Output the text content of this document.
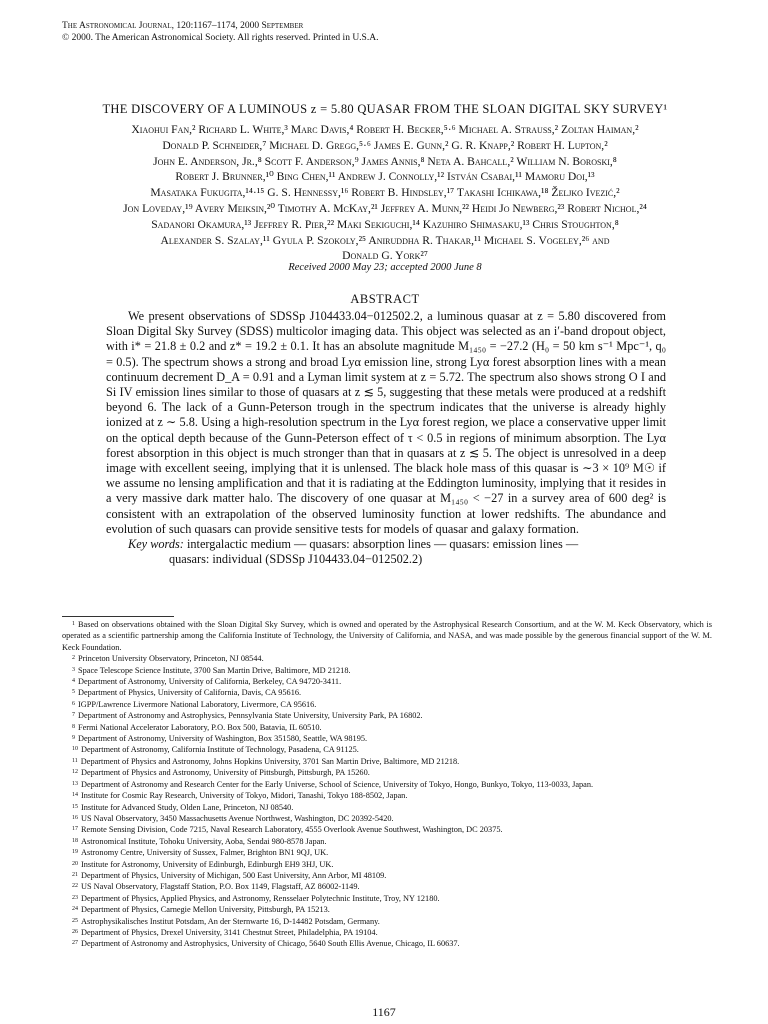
The Astronomical Journal, 120:1167–1174, 2000 September
© 2000. The American Astronomical Society. All rights reserved. Printed in U.S.A.
THE DISCOVERY OF A LUMINOUS z = 5.80 QUASAR FROM THE SLOAN DIGITAL SKY SURVEY¹
Xiaohui Fan,² Richard L. White,³ Marc Davis,⁴ Robert H. Becker,⁵·⁶ Michael A. Strauss,² Zoltan Haiman,²
Donald P. Schneider,⁷ Michael D. Gregg,⁵·⁶ James E. Gunn,² G. R. Knapp,² Robert H. Lupton,²
John E. Anderson, Jr.,⁸ Scott F. Anderson,⁹ James Annis,⁸ Neta A. Bahcall,² William N. Boroski,⁸
Robert J. Brunner,¹⁰ Bing Chen,¹¹ Andrew J. Connolly,¹² István Csabai,¹¹ Mamoru Doi,¹³
Masataka Fukugita,¹⁴·¹⁵ G. S. Hennessy,¹⁶ Robert B. Hindsley,¹⁷ Takashi Ichikawa,¹⁸ Željko Ivezić,²
Jon Loveday,¹⁹ Avery Meiksin,²⁰ Timothy A. McKay,²¹ Jeffrey A. Munn,²² Heidi Jo Newberg,²³ Robert Nichol,²⁴
Sadanori Okamura,¹³ Jeffrey R. Pier,²² Maki Sekiguchi,¹⁴ Kazuhiro Shimasaku,¹³ Chris Stoughton,⁸
Alexander S. Szalay,¹¹ Gyula P. Szokoly,²⁵ Aniruddha R. Thakar,¹¹ Michael S. Vogeley,²⁶ and
Donald G. York²⁷
Received 2000 May 23; accepted 2000 June 8
ABSTRACT

We present observations of SDSSp J104433.04−012502.2, a luminous quasar at z = 5.80 discovered from Sloan Digital Sky Survey (SDSS) multicolor imaging data. This object was selected as an i′-band dropout object, with i* = 21.8 ± 0.2 and z* = 19.2 ± 0.1. It has an absolute magnitude M₁₄₅₀ = −27.2 (H₀ = 50 km s⁻¹ Mpc⁻¹, q₀ = 0.5). The spectrum shows a strong and broad Lyα emission line, strong Lyα forest absorption lines with a mean continuum decrement D_A = 0.91 and a Lyman limit system at z = 5.72. The spectrum also shows strong O I and Si IV emission lines similar to those of quasars at z ≲ 5, suggesting that these metals were produced at a redshift beyond 6. The lack of a Gunn-Peterson trough in the spectrum indicates that the universe is already highly ionized at z ∼ 5.8. Using a high-resolution spectrum in the Lyα forest region, we place a conservative upper limit on the optical depth because of the Gunn-Peterson effect of τ < 0.5 in regions of minimum absorption. The Lyα forest absorption in this object is much stronger than that in quasars at z ≲ 5. The object is unresolved in a deep image with excellent seeing, implying that it is unlensed. The black hole mass of this quasar is ∼3 × 10⁹ M☉ if we assume no lensing amplification and that it is radiating at the Eddington luminosity, implying that it resides in a very massive dark matter halo. The discovery of one quasar at M₁₄₅₀ < −27 in a survey area of 600 deg² is consistent with an extrapolation of the observed luminosity function at lower redshifts. The abundance and evolution of such quasars can provide sensitive tests for models of quasar and galaxy formation.

Key words: intergalactic medium — quasars: absorption lines — quasars: emission lines —

quasars: individual (SDSSp J104433.04−012502.2)
$^1$ Based on observations obtained with the Sloan Digital Sky Survey, which is owned and operated by the Astrophysical Research Consortium, and at the W. M. Keck Observatory, which is operated as a scientific partnership among the California Institute of Technology, the University of California, and NASA, and was made possible by the generous financial support of the W. M. Keck Foundation.
$^2$ Princeton University Observatory, Princeton, NJ 08544.
$^3$ Space Telescope Science Institute, 3700 San Martin Drive, Baltimore, MD 21218.
$^4$ Department of Astronomy, University of California, Berkeley, CA 94720-3411.
$^5$ Department of Physics, University of California, Davis, CA 95616.
$^6$ IGPP/Lawrence Livermore National Laboratory, Livermore, CA 95616.
$^7$ Department of Astronomy and Astrophysics, Pennsylvania State University, University Park, PA 16802.
$^8$ Fermi National Accelerator Laboratory, P.O. Box 500, Batavia, IL 60510.
$^9$ Department of Astronomy, University of Washington, Box 351580, Seattle, WA 98195.
$^{10}$ Department of Astronomy, California Institute of Technology, Pasadena, CA 91125.
$^{11}$ Department of Physics and Astronomy, Johns Hopkins University, 3701 San Martin Drive, Baltimore, MD 21218.
$^{12}$ Department of Physics and Astronomy, University of Pittsburgh, Pittsburgh, PA 15260.
$^{13}$ Department of Astronomy and Research Center for the Early Universe, School of Science, University of Tokyo, Hongo, Bunkyo, Tokyo, 113-0033, Japan.
$^{14}$ Institute for Cosmic Ray Research, University of Tokyo, Midori, Tanashi, Tokyo 188-8502, Japan.
$^{15}$ Institute for Advanced Study, Olden Lane, Princeton, NJ 08540.
$^{16}$ US Naval Observatory, 3450 Massachusetts Avenue Northwest, Washington, DC 20392-5420.
$^{17}$ Remote Sensing Division, Code 7215, Naval Research Laboratory, 4555 Overlook Avenue Southwest, Washington, DC 20375.
$^{18}$ Astronomical Institute, Tohoku University, Aoba, Sendai 980-8578 Japan.
$^{19}$ Astronomy Centre, University of Sussex, Falmer, Brighton BN1 9QJ, UK.
$^{20}$ Institute for Astronomy, University of Edinburgh, Edinburgh EH9 3HJ, UK.
$^{21}$ Department of Physics, University of Michigan, 500 East University, Ann Arbor, MI 48109.
$^{22}$ US Naval Observatory, Flagstaff Station, P.O. Box 1149, Flagstaff, AZ 86002-1149.
$^{23}$ Department of Physics, Applied Physics, and Astronomy, Rensselaer Polytechnic Institute, Troy, NY 12180.
$^{24}$ Department of Physics, Carnegie Mellon University, Pittsburgh, PA 15213.
$^{25}$ Astrophysikalisches Institut Potsdam, An der Sternwarte 16, D-14482 Potsdam, Germany.
$^{26}$ Department of Physics, Drexel University, 3141 Chestnut Street, Philadelphia, PA 19104.
$^{27}$ Department of Astronomy and Astrophysics, University of Chicago, 5640 South Ellis Avenue, Chicago, IL 60637.
1167
